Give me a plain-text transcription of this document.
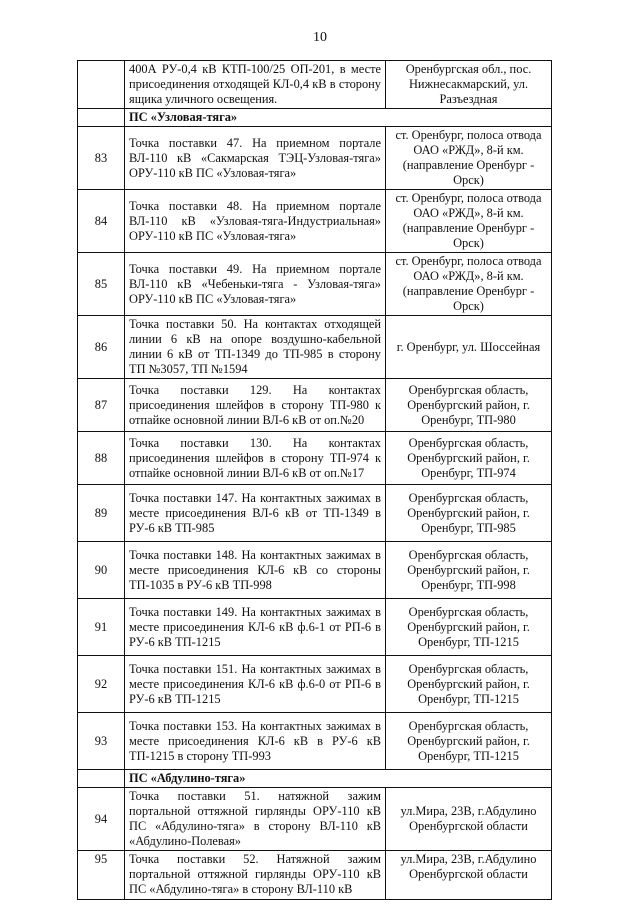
10
	400А РУ-0,4 кВ КТП-100/25 ОП-201, в месте присоединения отходящей КЛ-0,4 кВ в сторону ящика уличного освещения.	Оренбургская обл., пос. Нижнесакмарский, ул. Разъездная
	ПС «Узловая-тяга»	
83	Точка поставки 47. На приемном портале ВЛ-110 кВ «Сакмарская ТЭЦ-Узловая-тяга» ОРУ-110 кВ ПС «Узловая-тяга»	ст. Оренбург, полоса отвода ОАО «РЖД», 8-й км. (направление Оренбург - Орск)
84	Точка поставки 48. На приемном портале ВЛ-110 кВ «Узловая-тяга-Индустриальная» ОРУ-110 кВ ПС «Узловая-тяга»	ст. Оренбург, полоса отвода ОАО «РЖД», 8-й км. (направление Оренбург - Орск)
85	Точка поставки 49. На приемном портале ВЛ-110 кВ «Чебеньки-тяга - Узловая-тяга» ОРУ-110 кВ ПС «Узловая-тяга»	ст. Оренбург, полоса отвода ОАО «РЖД», 8-й км. (направление Оренбург - Орск)
86	Точка поставки 50. На контактах отходящей линии 6 кВ на опоре воздушно-кабельной линии 6 кВ от ТП-1349 до ТП-985 в сторону ТП №3057, ТП №1594	г. Оренбург, ул. Шоссейная
87	Точка поставки 129. На контактах присоединения шлейфов в сторону ТП-980 к отпайке основной линии ВЛ-6 кВ от оп.№20	Оренбургская область, Оренбургский район, г. Оренбург, ТП-980
88	Точка поставки 130. На контактах присоединения шлейфов в сторону ТП-974 к отпайке основной линии ВЛ-6 кВ от оп.№17	Оренбургская область, Оренбургский район, г. Оренбург, ТП-974
89	Точка поставки 147. На контактных зажимах в месте присоединения ВЛ-6 кВ от ТП-1349 в РУ-6 кВ ТП-985	Оренбургская область, Оренбургский район, г. Оренбург, ТП-985
90	Точка поставки 148. На контактных зажимах в месте присоединения КЛ-6 кВ со стороны ТП-1035 в РУ-6 кВ ТП-998	Оренбургская область, Оренбургский район, г. Оренбург, ТП-998
91	Точка поставки 149. На контактных зажимах в месте присоединения КЛ-6 кВ ф.6-1 от РП-6 в РУ-6 кВ ТП-1215	Оренбургская область, Оренбургский район, г. Оренбург, ТП-1215
92	Точка поставки 151. На контактных зажимах в месте присоединения КЛ-6 кВ ф.6-0 от РП-6 в РУ-6 кВ ТП-1215	Оренбургская область, Оренбургский район, г. Оренбург, ТП-1215
93	Точка поставки 153. На контактных зажимах в месте присоединения КЛ-6 кВ в РУ-6 кВ ТП-1215 в сторону ТП-993	Оренбургская область, Оренбургский район, г. Оренбург, ТП-1215
	ПС «Абдулино-тяга»	
94	Точка поставки 51. натяжной зажим портальной оттяжной гирлянды ОРУ-110 кВ ПС «Абдулино-тяга» в сторону ВЛ-110 кВ «Абдулино-Полевая»	ул.Мира, 23В, г.Абдулино Оренбургской области
95	Точка поставки 52. Натяжной зажим портальной оттяжной гирлянды ОРУ-110 кВ ПС «Абдулино-тяга» в сторону ВЛ-110 кВ	ул.Мира, 23В, г.Абдулино Оренбургской области
